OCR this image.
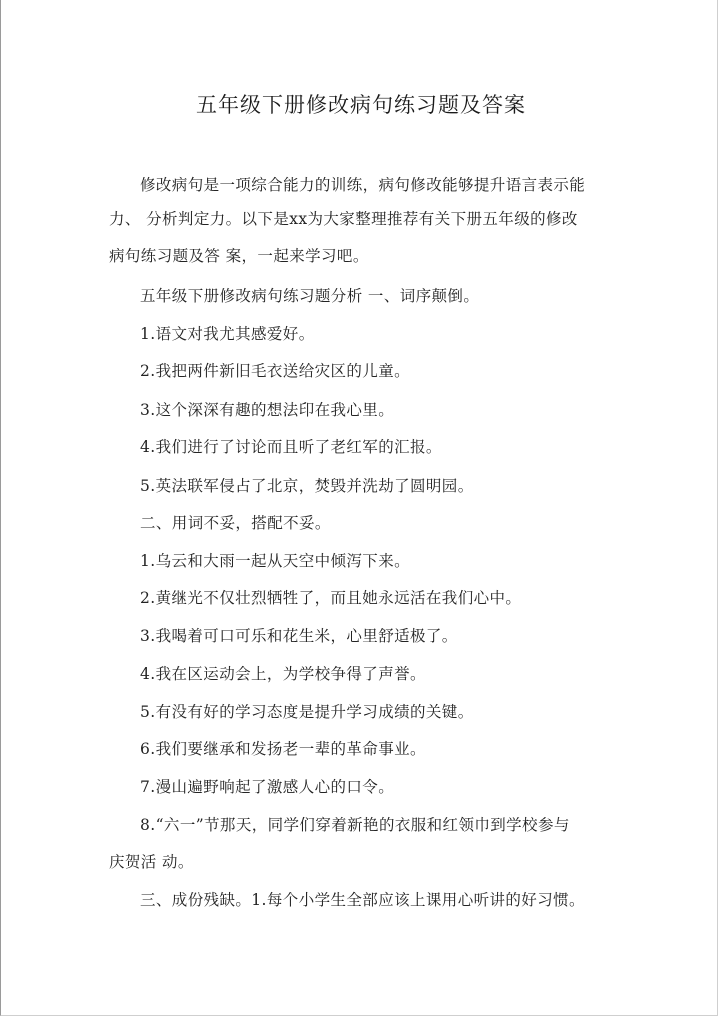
五年级下册修改病句练习题及答案
修改病句是一项综合能力的训练，病句修改能够提升语言表示能
力、 分析判定力。以下是xx为大家整理推荐有关下册五年级的修改
病句练习题及答 案，一起来学习吧。
五年级下册修改病句练习题分析 一、词序颠倒。
1.语文对我尤其感爱好。
2.我把两件新旧毛衣送给灾区的儿童。
3.这个深深有趣的想法印在我心里。
4.我们进行了讨论而且听了老红军的汇报。
5.英法联军侵占了北京，焚毁并洗劫了圆明园。
二、用词不妥，搭配不妥。
1.乌云和大雨一起从天空中倾泻下来。
2.黄继光不仅壮烈牺牲了，而且她永远活在我们心中。
3.我喝着可口可乐和花生米，心里舒适极了。
4.我在区运动会上，为学校争得了声誉。
5.有没有好的学习态度是提升学习成绩的关键。
6.我们要继承和发扬老一辈的革命事业。
7.漫山遍野响起了激感人心的口令。
8.“六一”节那天，同学们穿着新艳的衣服和红领巾到学校参与
庆贺活 动。
三、成份残缺。1.每个小学生全部应该上课用心听讲的好习惯。
